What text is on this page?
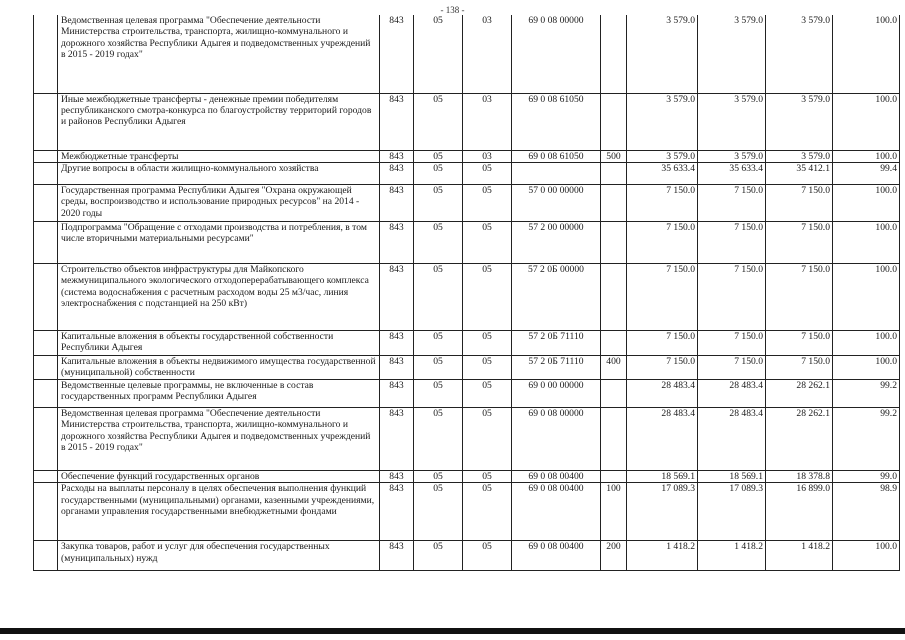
- 138 -
	Ведомственная целевая программа "Обеспечение деятельности Министерства строительства, транспорта, жилищно-коммунального и дорожного хозяйства Республики Адыгея и подведомственных учреждений в 2015 - 2019 годах"	843	05	03	69 0 08 00000		3 579.0	3 579.0	3 579.0	100.0
	Иные межбюджетные трансферты - денежные премии победителям республиканского смотра-конкурса по благоустройству территорий городов и районов Республики Адыгея	843	05	03	69 0 08 61050		3 579.0	3 579.0	3 579.0	100.0
	Межбюджетные трансферты	843	05	03	69 0 08 61050	500	3 579.0	3 579.0	3 579.0	100.0
	Другие вопросы в области жилищно-коммунального хозяйства	843	05	05			35 633.4	35 633.4	35 412.1	99.4
	Государственная программа Республики Адыгея "Охрана окружающей среды, воспроизводство и использование природных ресурсов" на 2014 - 2020 годы	843	05	05	57 0 00 00000		7 150.0	7 150.0	7 150.0	100.0
	Подпрограмма "Обращение с отходами производства и потребления, в том числе вторичными материальными ресурсами"	843	05	05	57 2 00 00000		7 150.0	7 150.0	7 150.0	100.0
	Строительство объектов инфраструктуры для Майкопского межмуниципального экологического отходоперерабатывающего комплекса (система водоснабжения с расчетным расходом воды 25 м3/час, линия электроснабжения с подстанцией на 250 кВт)	843	05	05	57 2 0Б 00000		7 150.0	7 150.0	7 150.0	100.0
	Капитальные вложения в объекты государственной собственности Республики Адыгея	843	05	05	57 2 0Б 71110		7 150.0	7 150.0	7 150.0	100.0
	Капитальные вложения в объекты недвижимого имущества государственной (муниципальной) собственности	843	05	05	57 2 0Б 71110	400	7 150.0	7 150.0	7 150.0	100.0
	Ведомственные целевые программы, не включенные в состав государственных программ Республики Адыгея	843	05	05	69 0 00 00000		28 483.4	28 483.4	28 262.1	99.2
	Ведомственная целевая программа "Обеспечение деятельности Министерства строительства, транспорта, жилищно-коммунального и дорожного хозяйства Республики Адыгея и подведомственных учреждений в 2015 - 2019 годах"	843	05	05	69 0 08 00000		28 483.4	28 483.4	28 262.1	99.2
	Обеспечение функций государственных органов	843	05	05	69 0 08 00400		18 569.1	18 569.1	18 378.8	99.0
	Расходы на выплаты персоналу в целях обеспечения выполнения функций государственными (муниципальными) органами, казенными учреждениями, органами управления государственными внебюджетными фондами	843	05	05	69 0 08 00400	100	17 089.3	17 089.3	16 899.0	98.9
	Закупка товаров, работ и услуг для обеспечения государственных (муниципальных) нужд	843	05	05	69 0 08 00400	200	1 418.2	1 418.2	1 418.2	100.0
